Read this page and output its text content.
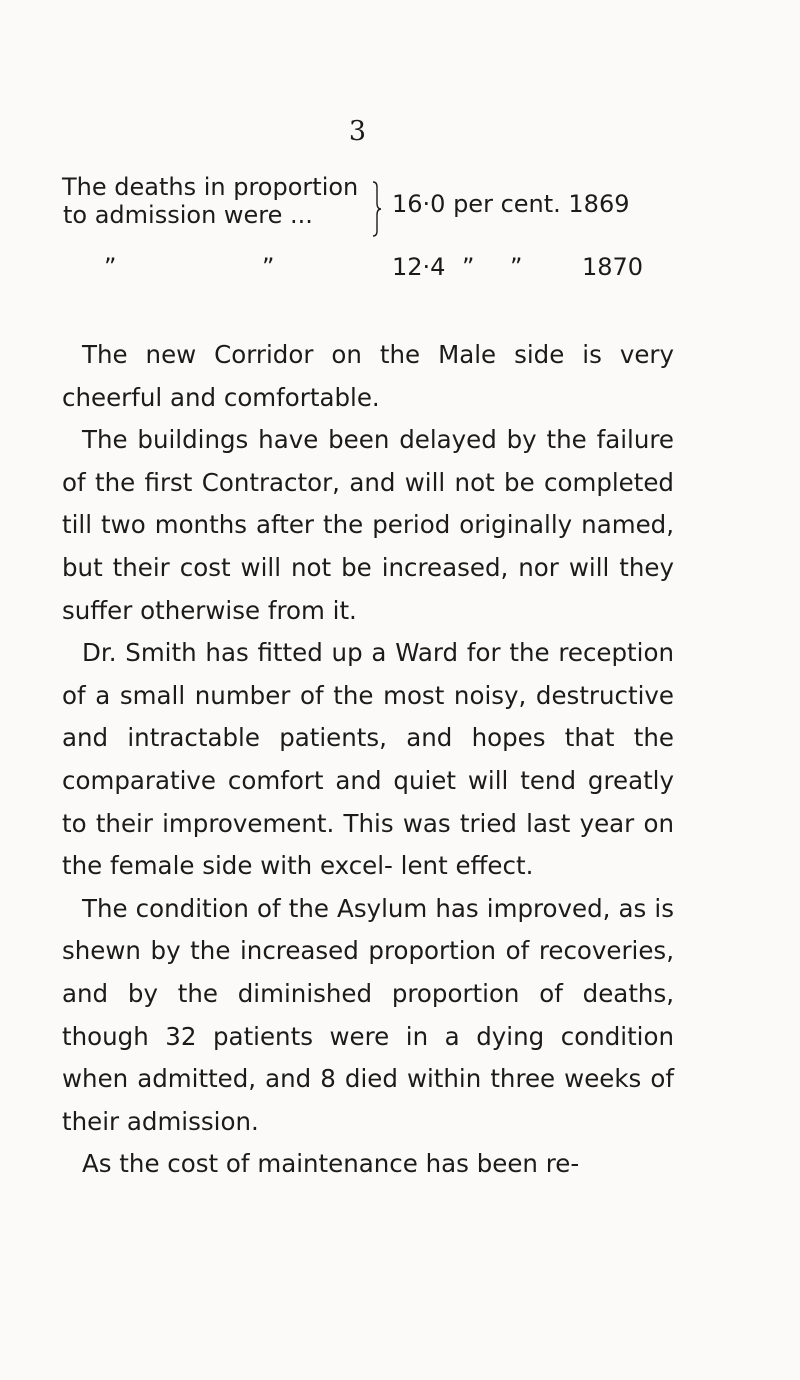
3
The deaths in proportion
to admission were ...	16·0 per cent. 1869
”	”	12·4 ” ” 1870

The new Corridor on the Male side is very cheerful and comfortable.

The buildings have been delayed by the failure of the first Contractor, and will not be completed till two months after the period originally named, but their cost will not be increased, nor will they suffer otherwise from it.

Dr. Smith has fitted up a Ward for the reception of a small number of the most noisy, destructive and intractable patients, and hopes that the comparative comfort and quiet will tend greatly to their improvement. This was tried last year on the female side with excel- lent effect.

The condition of the Asylum has improved, as is shewn by the increased proportion of recoveries, and by the diminished proportion of deaths, though 32 patients were in a dying condition when admitted, and 8 died within three weeks of their admission.

As the cost of maintenance has been re-
